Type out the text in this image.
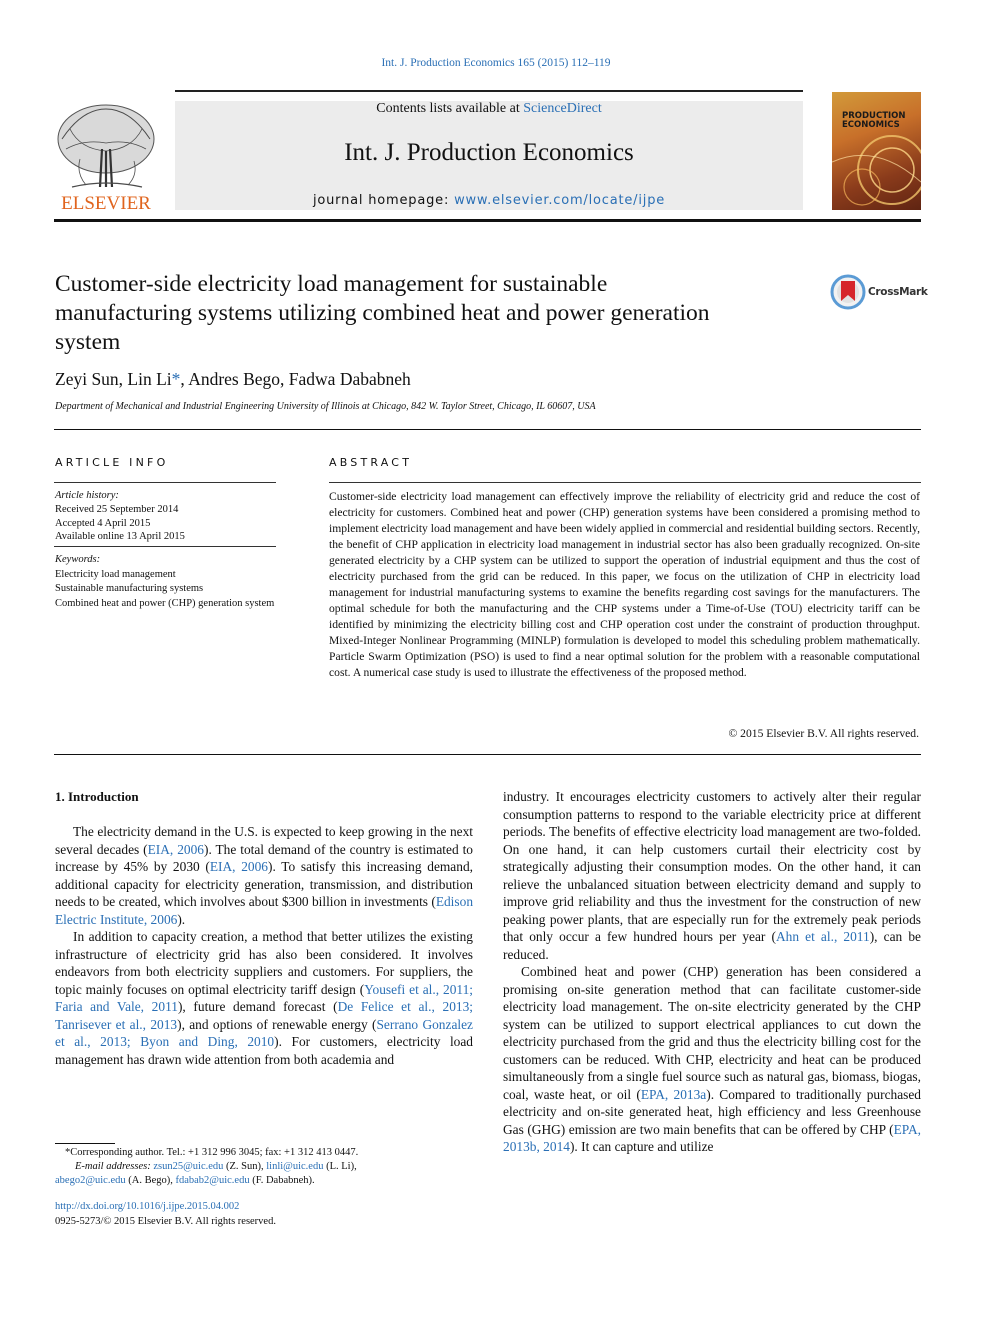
Int. J. Production Economics 165 (2015) 112–119
Contents lists available at ScienceDirect
Int. J. Production Economics
journal homepage: www.elsevier.com/locate/ijpe
ELSEVIER
PRODUCTION
ECONOMICS
Customer-side electricity load management for sustainable manufacturing systems utilizing combined heat and power generation system
CrossMark
Zeyi Sun, Lin Li*, Andres Bego, Fadwa Dababneh
Department of Mechanical and Industrial Engineering University of Illinois at Chicago, 842 W. Taylor Street, Chicago, IL 60607, USA
ARTICLE INFO	ABSTRACT
Article history:
Received 25 September 2014
Accepted 4 April 2015
Available online 13 April 2015
Keywords:
Electricity load management
Sustainable manufacturing systems
Combined heat and power (CHP) generation system
Customer-side electricity load management can effectively improve the reliability of electricity grid and reduce the cost of electricity for customers. Combined heat and power (CHP) generation systems have been considered a promising method to implement electricity load management and have been widely applied in commercial and residential building sectors. Recently, the benefit of CHP application in electricity load management in industrial sector has also been gradually recognized. On-site generated electricity by a CHP system can be utilized to support the operation of industrial equipment and thus the cost of electricity purchased from the grid can be reduced. In this paper, we focus on the utilization of CHP in electricity load management for industrial manufacturing systems to examine the benefits regarding cost savings for the manufacturers. The optimal schedule for both the manufacturing and the CHP systems under a Time-of-Use (TOU) electricity tariff can be identified by minimizing the electricity billing cost and CHP operation cost under the constraint of production throughput. Mixed-Integer Nonlinear Programming (MINLP) formulation is developed to model this scheduling problem mathematically. Particle Swarm Optimization (PSO) is used to find a near optimal solution for the problem with a reasonable computational cost. A numerical case study is used to illustrate the effectiveness of the proposed method.
© 2015 Elsevier B.V. All rights reserved.
1. Introduction

The electricity demand in the U.S. is expected to keep growing in the next several decades (EIA, 2006). The total demand of the country is estimated to increase by 45% by 2030 (EIA, 2006). To satisfy this increasing demand, additional capacity for electricity generation, transmission, and distribution needs to be created, which involves about $300 billion in investments (Edison Electric Institute, 2006).

In addition to capacity creation, a method that better utilizes the existing infrastructure of electricity grid has also been considered. It involves endeavors from both electricity suppliers and customers. For suppliers, the topic mainly focuses on optimal electricity tariff design (Yousefi et al., 2011; Faria and Vale, 2011), future demand forecast (De Felice et al., 2013; Tanrisever et al., 2013), and options of renewable energy (Serrano Gonzalez et al., 2013; Byon and Ding, 2010). For customers, electricity load management has drawn wide attention from both academia and

industry. It encourages electricity customers to actively alter their regular consumption patterns to respond to the variable electricity price at different periods. The benefits of effective electricity load management are two-folded. On one hand, it can help customers curtail their electricity cost by strategically adjusting their consumption modes. On the other hand, it can relieve the unbalanced situation between electricity demand and supply to improve grid reliability and thus the investment for the construction of new peaking power plants, that are especially run for the extremely peak periods that only occur a few hundred hours per year (Ahn et al., 2011), can be reduced.

Combined heat and power (CHP) generation has been considered a promising on-site generation method that can facilitate customer-side electricity load management. The on-site electricity generated by the CHP system can be utilized to support electrical appliances to cut down the electricity purchased from the grid and thus the electricity billing cost for the customers can be reduced. With CHP, electricity and heat can be produced simultaneously from a single fuel source such as natural gas, biomass, biogas, coal, waste heat, or oil (EPA, 2013a). Compared to traditionally purchased electricity and on-site generated heat, high efficiency and less Greenhouse Gas (GHG) emission are two main benefits that can be offered by CHP (EPA, 2013b, 2014). It can capture and utilize

*Corresponding author. Tel.: +1 312 996 3045; fax: +1 312 413 0447.
E-mail addresses: zsun25@uic.edu (Z. Sun), linli@uic.edu (L. Li),
abego2@uic.edu (A. Bego), fdabab2@uic.edu (F. Dababneh).
http://dx.doi.org/10.1016/j.ijpe.2015.04.002
0925-5273/© 2015 Elsevier B.V. All rights reserved.
